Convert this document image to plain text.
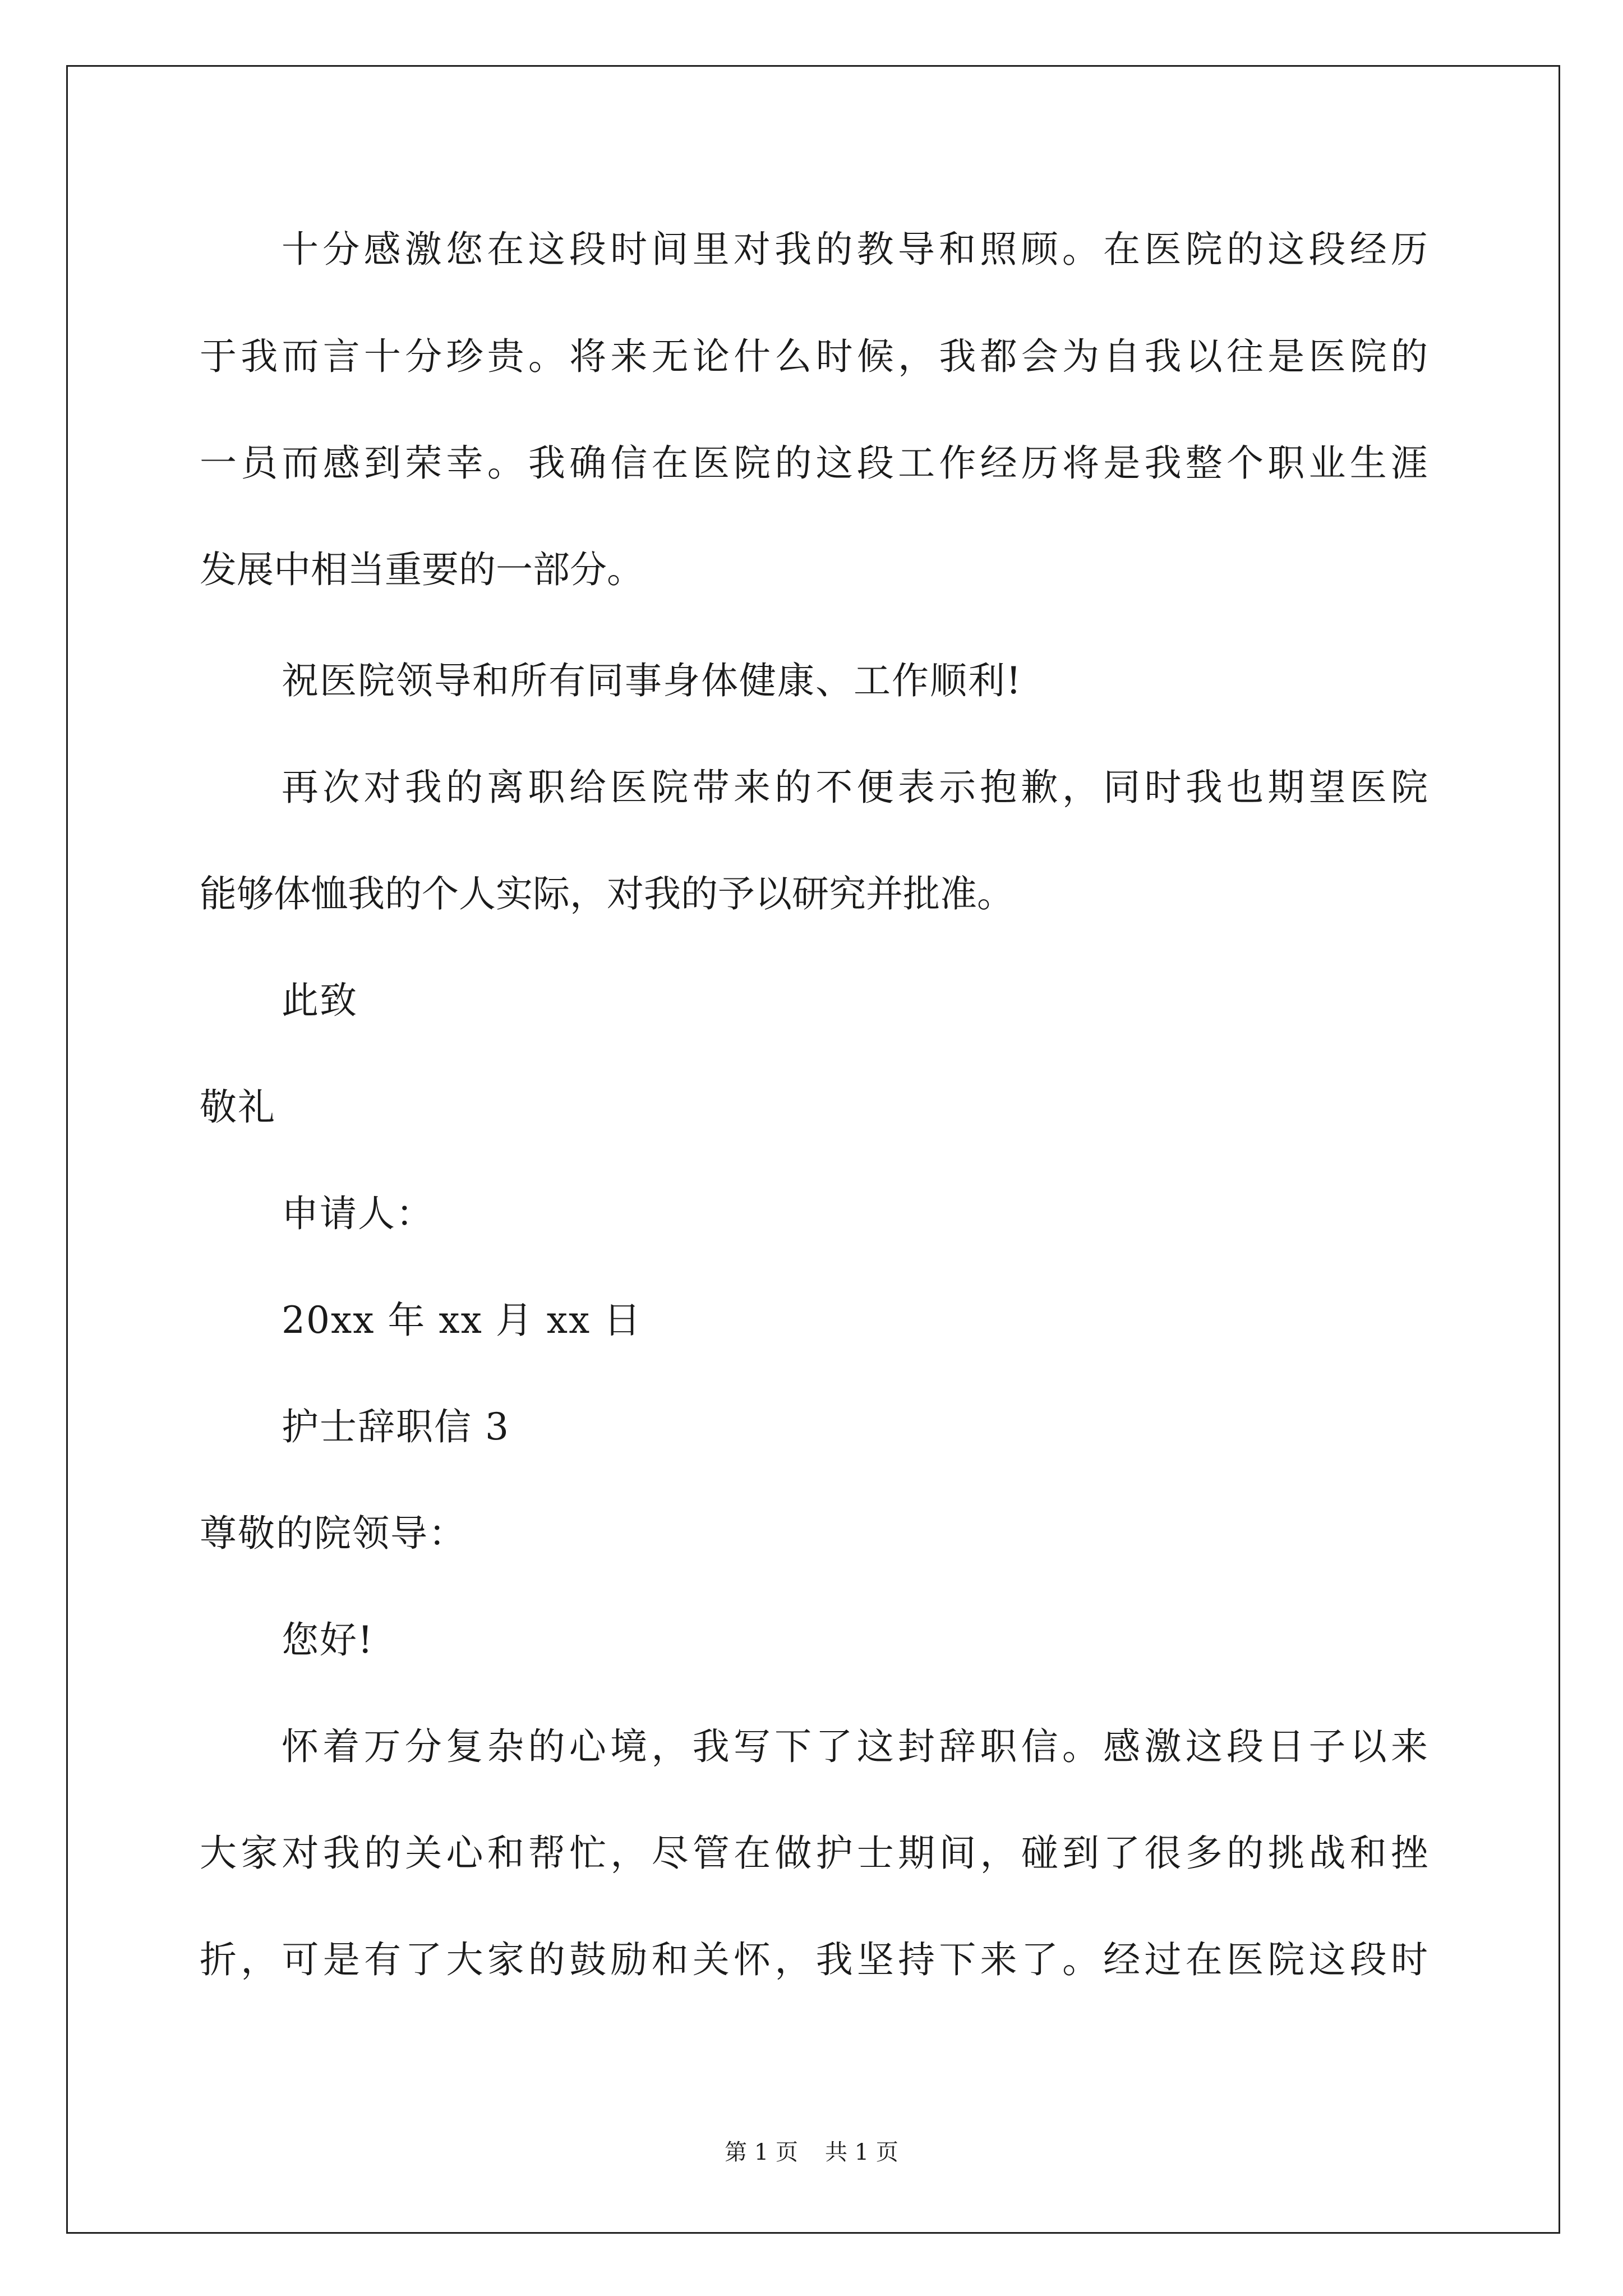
十分感激您在这段时间里对我的教导和照顾。在医院的这段经历
于我而言十分珍贵。将来无论什么时候，我都会为自我以往是医院的
一员而感到荣幸。我确信在医院的这段工作经历将是我整个职业生涯
发展中相当重要的一部分。
祝医院领导和所有同事身体健康、工作顺利!
再次对我的离职给医院带来的不便表示抱歉，同时我也期望医院
能够体恤我的个人实际，对我的予以研究并批准。
此致
敬礼
申请人：
20xx 年 xx 月 xx 日
护士辞职信 3
尊敬的院领导：
您好!
怀着万分复杂的心境，我写下了这封辞职信。感激这段日子以来
大家对我的关心和帮忙，尽管在做护士期间，碰到了很多的挑战和挫
折，可是有了大家的鼓励和关怀，我坚持下来了。经过在医院这段时
第 1 页 共 1 页
